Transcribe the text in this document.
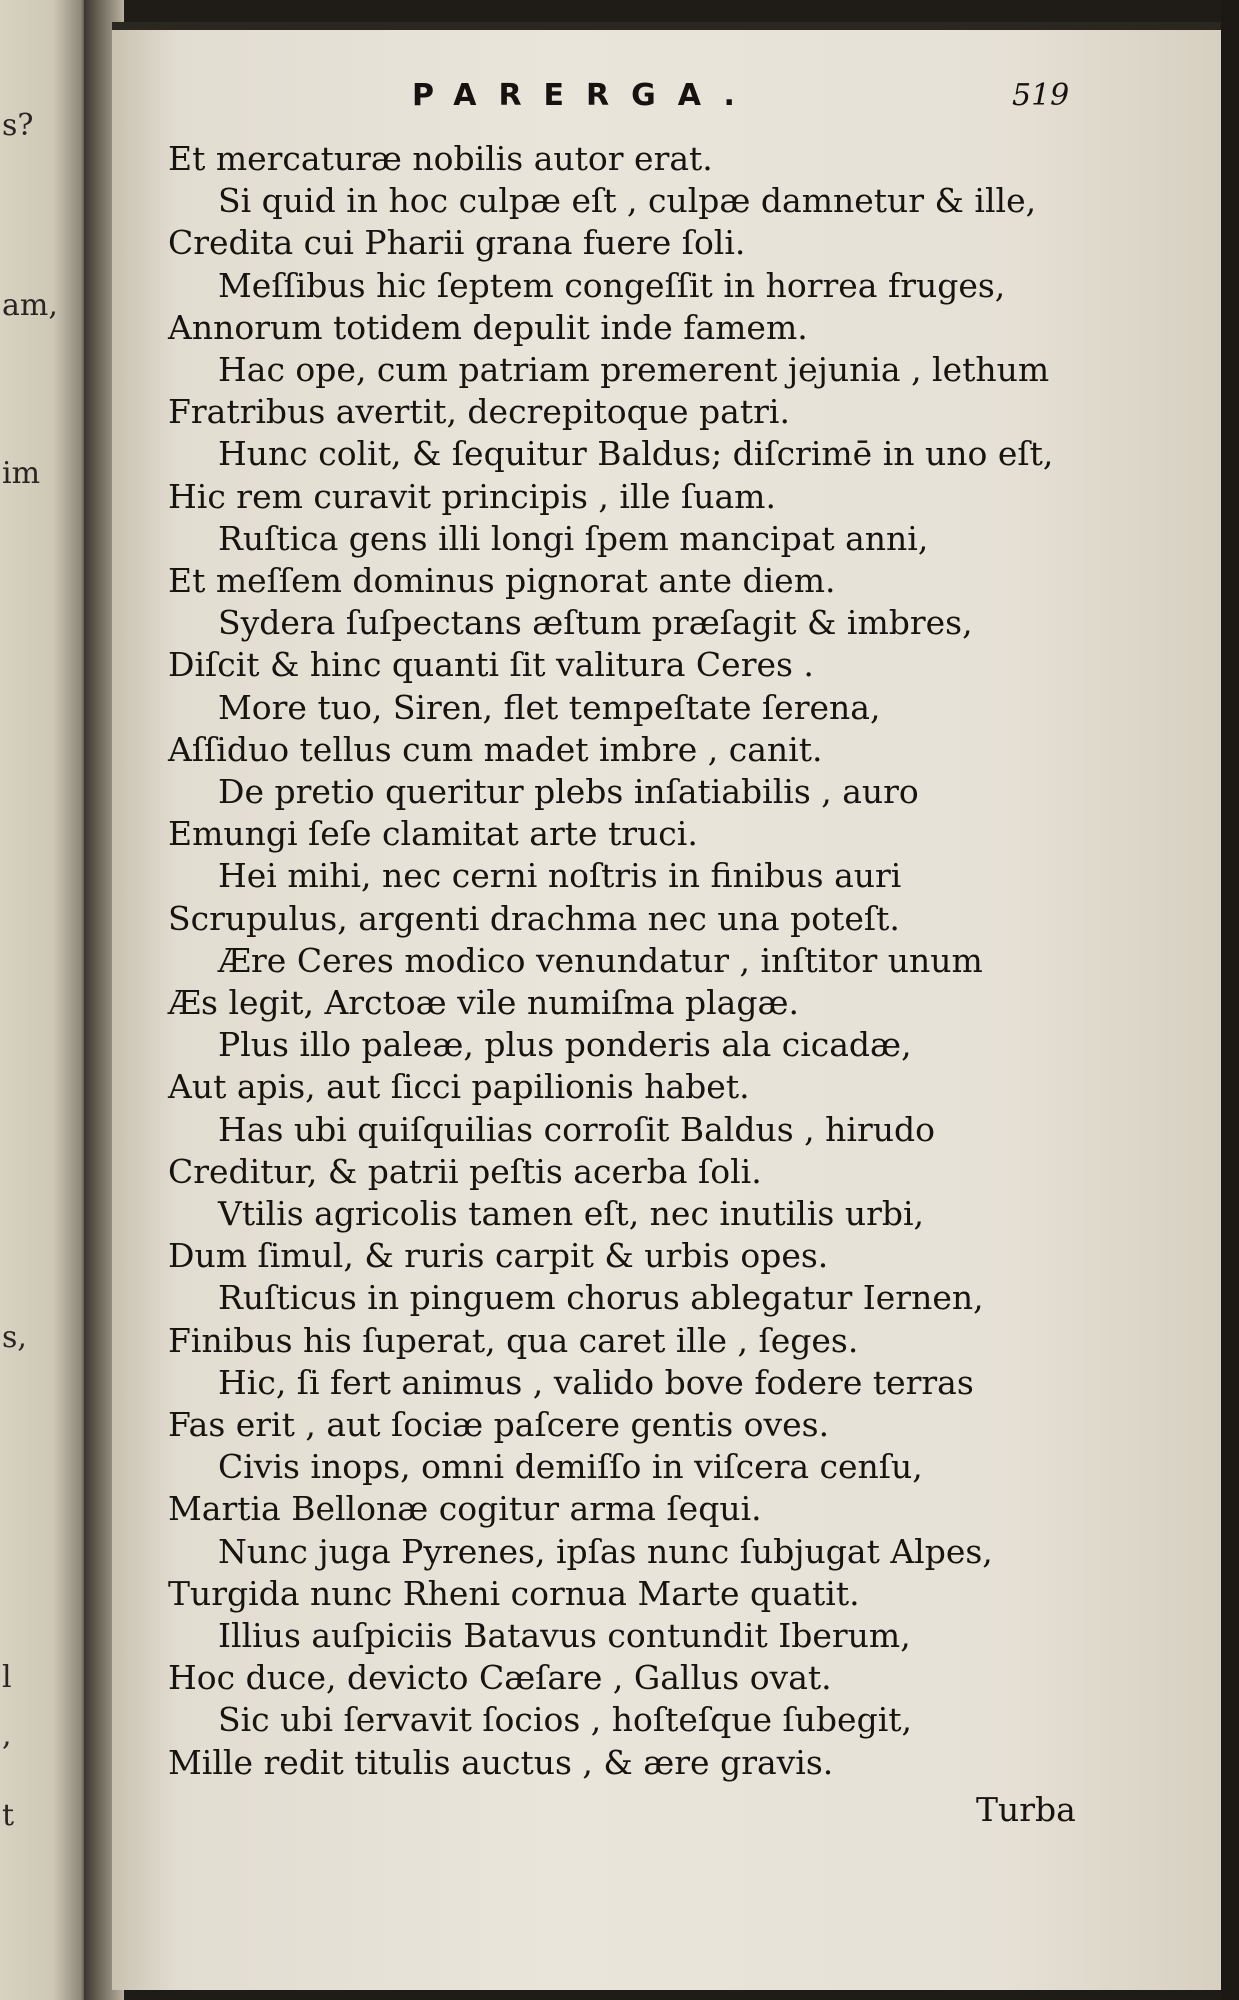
s?
am,
im
s,
l
,
t
PARERGA.	519
Et mercaturæ nobilis autor erat.
Si quid in hoc culpæ eſt , culpæ damnetur & ille,
Credita cui Pharii grana fuere ſoli.
Meſſibus hic ſeptem congeſſit in horrea fruges,
Annorum totidem depulit inde famem.
Hac ope, cum patriam premerent jejunia , lethum
Fratribus avertit, decrepitoque patri.
Hunc colit, & ſequitur Baldus; diſcrimē in uno eſt,
Hic rem curavit principis , ille ſuam.
Ruſtica gens illi longi ſpem mancipat anni,
Et meſſem dominus pignorat ante diem.
Sydera ſuſpectans æſtum præſagit & imbres,
Diſcit & hinc quanti ſit valitura Ceres .
More tuo, Siren, flet tempeſtate ſerena,
Aſſiduo tellus cum madet imbre , canit.
De pretio queritur plebs inſatiabilis , auro
Emungi ſeſe clamitat arte truci.
Hei mihi, nec cerni noſtris in finibus auri
Scrupulus, argenti drachma nec una poteſt.
Ære Ceres modico venundatur , inſtitor unum
Æs legit, Arctoæ vile numiſma plagæ.
Plus illo paleæ, plus ponderis ala cicadæ,
Aut apis, aut ſicci papilionis habet.
Has ubi quiſquilias corroſit Baldus , hirudo
Creditur, & patrii peſtis acerba ſoli.
Vtilis agricolis tamen eſt, nec inutilis urbi,
Dum ſimul, & ruris carpit & urbis opes.
Ruſticus in pinguem chorus ablegatur Iernen,
Finibus his ſuperat, qua caret ille , ſeges.
Hic, ſi fert animus , valido bove fodere terras
Fas erit , aut ſociæ paſcere gentis oves.
Civis inops, omni demiſſo in viſcera cenſu,
Martia Bellonæ cogitur arma ſequi.
Nunc juga Pyrenes, ipſas nunc ſubjugat Alpes,
Turgida nunc Rheni cornua Marte quatit.
Illius auſpiciis Batavus contundit Iberum,
Hoc duce, devicto Cæſare , Gallus ovat.
Sic ubi ſervavit ſocios , hoſteſque ſubegit,
Mille redit titulis auctus , & ære gravis.
Turba
